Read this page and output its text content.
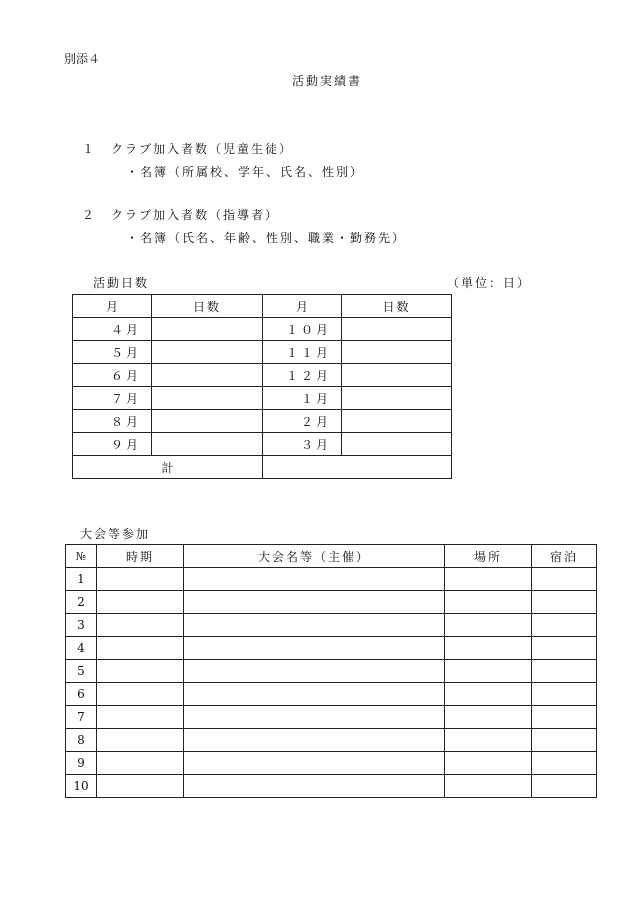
別添４
活動実績書
１ クラブ加入者数（児童生徒）
・名簿（所属校、学年、氏名、性別）
２ クラブ加入者数（指導者）
・名簿（氏名、年齢、性別、職業・勤務先）
活動日数	（単位：日）
月	日数	月	日数
４月		１０月	
５月		１１月	
６月		１２月	
７月		１月	
８月		２月	
９月		３月	
計			
大会等参加
№	時期	大会名等（主催）	場所	宿泊
1				
2				
3				
4				
5				
6				
7				
8				
9				
10				
